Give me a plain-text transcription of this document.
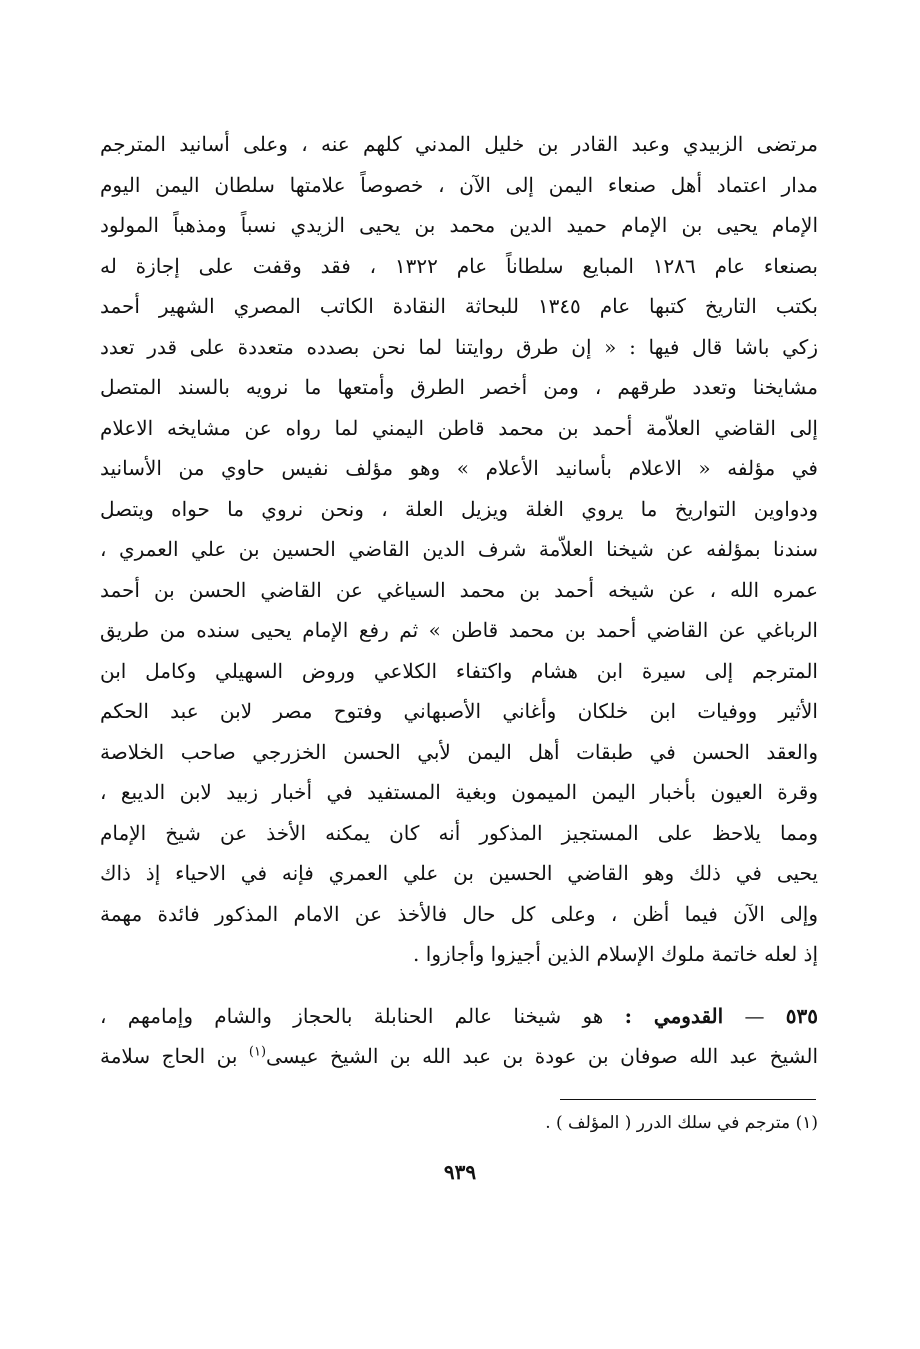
مرتضى الزبيدي وعبد القادر بن خليل المدني كلهم عنه ، وعلى أسانيد المترجم
مدار اعتماد أهل صنعاء اليمن إلى الآن ، خصوصاً علامتها سلطان اليمن اليوم
الإمام يحيى بن الإمام حميد الدين محمد بن يحيى الزيدي نسباً ومذهباً المولود
بصنعاء عام ١٢٨٦ المبايع سلطاناً عام ١٣٢٢ ، فقد وقفت على إجازة له
بكتب التاريخ كتبها عام ١٣٤٥ للبحاثة النقادة الكاتب المصري الشهير أحمد
زكي باشا قال فيها : « إن طرق روايتنا لما نحن بصدده متعددة على قدر تعدد
مشايخنا وتعدد طرقهم ، ومن أخصر الطرق وأمتعها ما نرويه بالسند المتصل
إلى القاضي العلاّمة أحمد بن محمد قاطن اليمني لما رواه عن مشايخه الاعلام
في مؤلفه « الاعلام بأسانيد الأعلام » وهو مؤلف نفيس حاوي من الأسانيد
ودواوين التواريخ ما يروي الغلة ويزيل العلة ، ونحن نروي ما حواه ويتصل
سندنا بمؤلفه عن شيخنا العلاّمة شرف الدين القاضي الحسين بن علي العمري ،
عمره الله ، عن شيخه أحمد بن محمد السياغي عن القاضي الحسن بن أحمد
الرباغي عن القاضي أحمد بن محمد قاطن » ثم رفع الإمام يحيى سنده من طريق
المترجم إلى سيرة ابن هشام واكتفاء الكلاعي وروض السهيلي وكامل ابن
الأثير ووفيات ابن خلكان وأغاني الأصبهاني وفتوح مصر لابن عبد الحكم
والعقد الحسن في طبقات أهل اليمن لأبي الحسن الخزرجي صاحب الخلاصة
وقرة العيون بأخبار اليمن الميمون وبغية المستفيد في أخبار زبيد لابن الديبع ،
ومما يلاحظ على المستجيز المذكور أنه كان يمكنه الأخذ عن شيخ الإمام
يحيى في ذلك وهو القاضي الحسين بن علي العمري فإنه في الاحياء إذ ذاك
وإلى الآن فيما أظن ، وعلى كل حال فالأخذ عن الامام المذكور فائدة مهمة
إذ لعله خاتمة ملوك الإسلام الذين أجيزوا وأجازوا .
٥٣٥ — القدومي : هو شيخنا عالم الحنابلة بالحجاز والشام وإمامهم ،
الشيخ عبد الله صوفان بن عودة بن عبد الله بن الشيخ عيسى$^{(١)}$ بن الحاج سلامة
(١) مترجم في سلك الدرر ( المؤلف ) .
٩٣٩
